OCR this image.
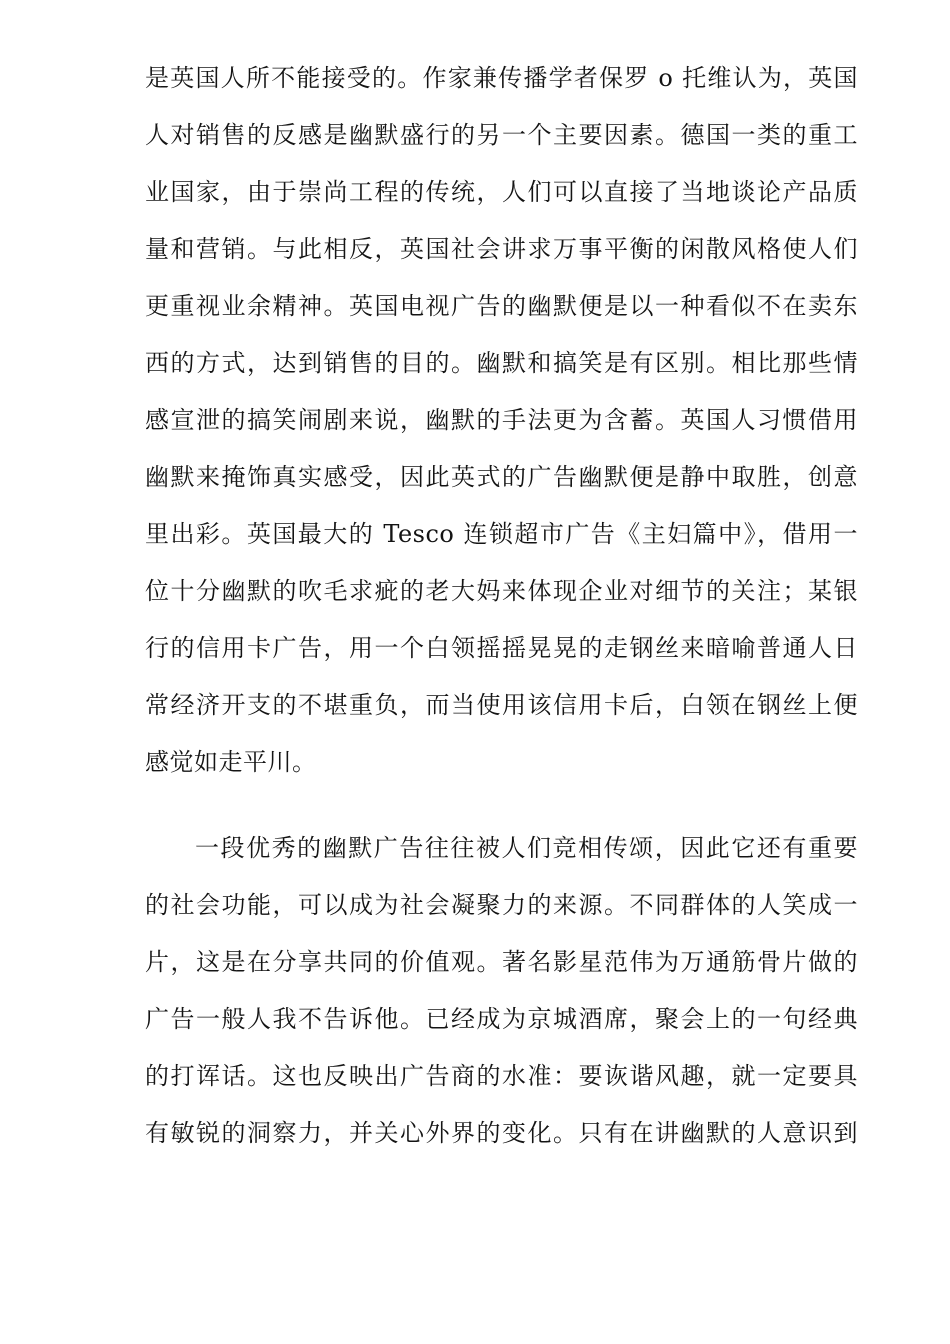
是英国人所不能接受的。作家兼传播学者保罗 o 托维认为，英国
人对销售的反感是幽默盛行的另一个主要因素。德国一类的重工
业国家，由于崇尚工程的传统，人们可以直接了当地谈论产品质
量和营销。与此相反，英国社会讲求万事平衡的闲散风格使人们
更重视业余精神。英国电视广告的幽默便是以一种看似不在卖东
西的方式，达到销售的目的。幽默和搞笑是有区别。相比那些情
感宣泄的搞笑闹剧来说，幽默的手法更为含蓄。英国人习惯借用
幽默来掩饰真实感受，因此英式的广告幽默便是静中取胜，创意
里出彩。英国最大的 Tesco 连锁超市广告《主妇篇中》，借用一
位十分幽默的吹毛求疵的老大妈来体现企业对细节的关注；某银
行的信用卡广告，用一个白领摇摇晃晃的走钢丝来暗喻普通人日
常经济开支的不堪重负，而当使用该信用卡后，白领在钢丝上便
感觉如走平川。
一段优秀的幽默广告往往被人们竞相传颂，因此它还有重要
的社会功能，可以成为社会凝聚力的来源。不同群体的人笑成一
片，这是在分享共同的价值观。著名影星范伟为万通筋骨片做的
广告一般人我不告诉他。已经成为京城酒席，聚会上的一句经典
的打诨话。这也反映出广告商的水准：要诙谐风趣，就一定要具
有敏锐的洞察力，并关心外界的变化。只有在讲幽默的人意识到
